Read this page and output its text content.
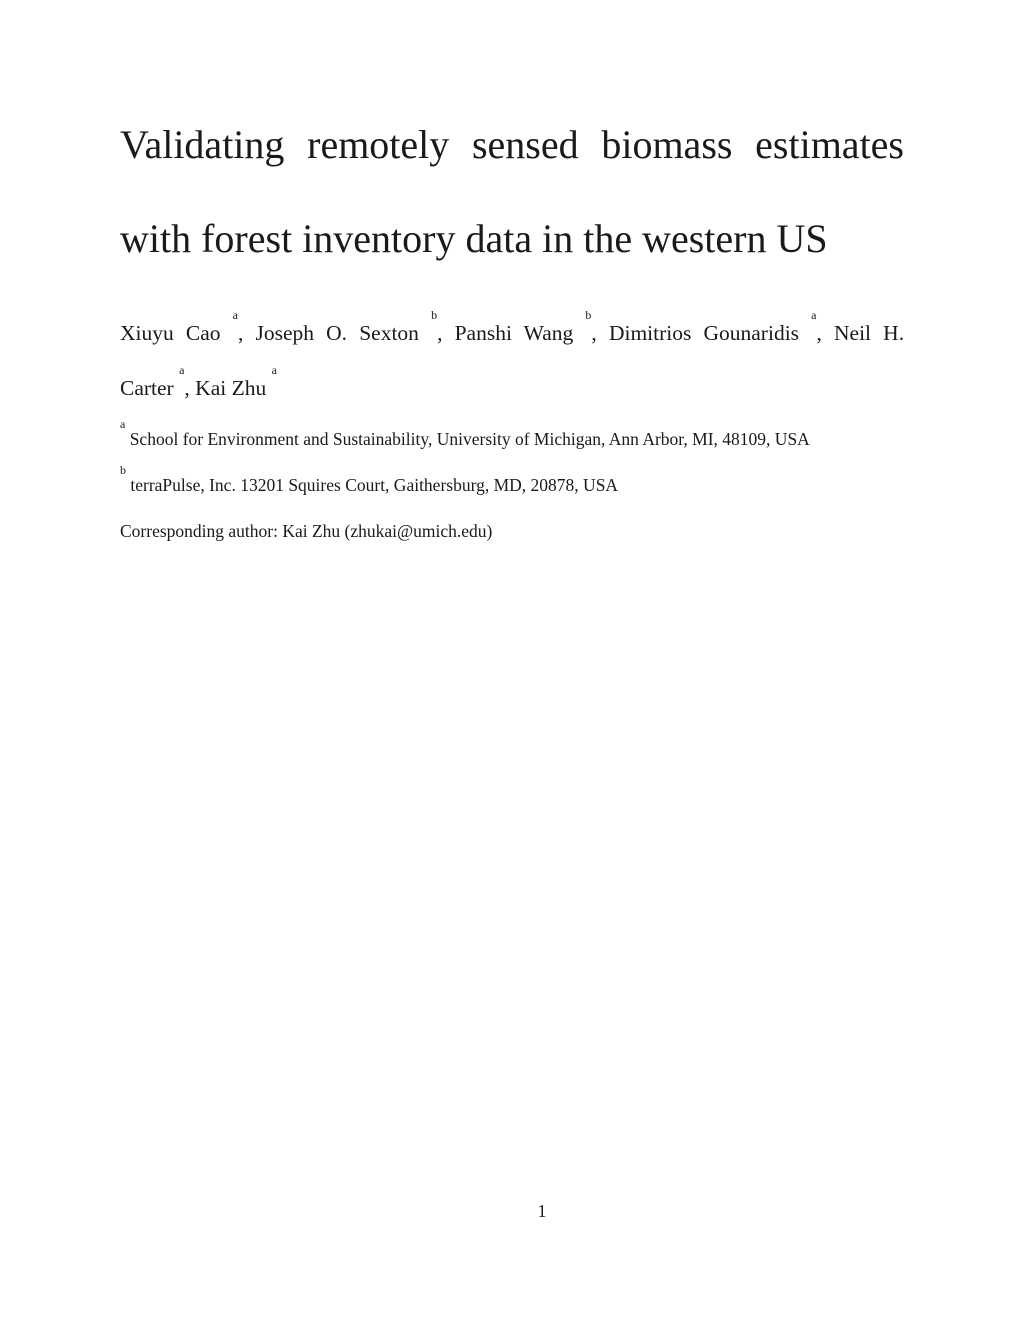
Validating remotely sensed biomass estimates
with forest inventory data in the western US
Xiuyu Cao $^a$, Joseph O. Sexton $^b$, Panshi Wang $^b$, Dimitrios Gounaridis $^a$, Neil H.
Carter $^a$, Kai Zhu $^a$
$^a$ School for Environment and Sustainability, University of Michigan, Ann Arbor, MI, 48109, USA
$^b$ terraPulse, Inc. 13201 Squires Court, Gaithersburg, MD, 20878, USA
Corresponding author: Kai Zhu (zhukai@umich.edu)
1
